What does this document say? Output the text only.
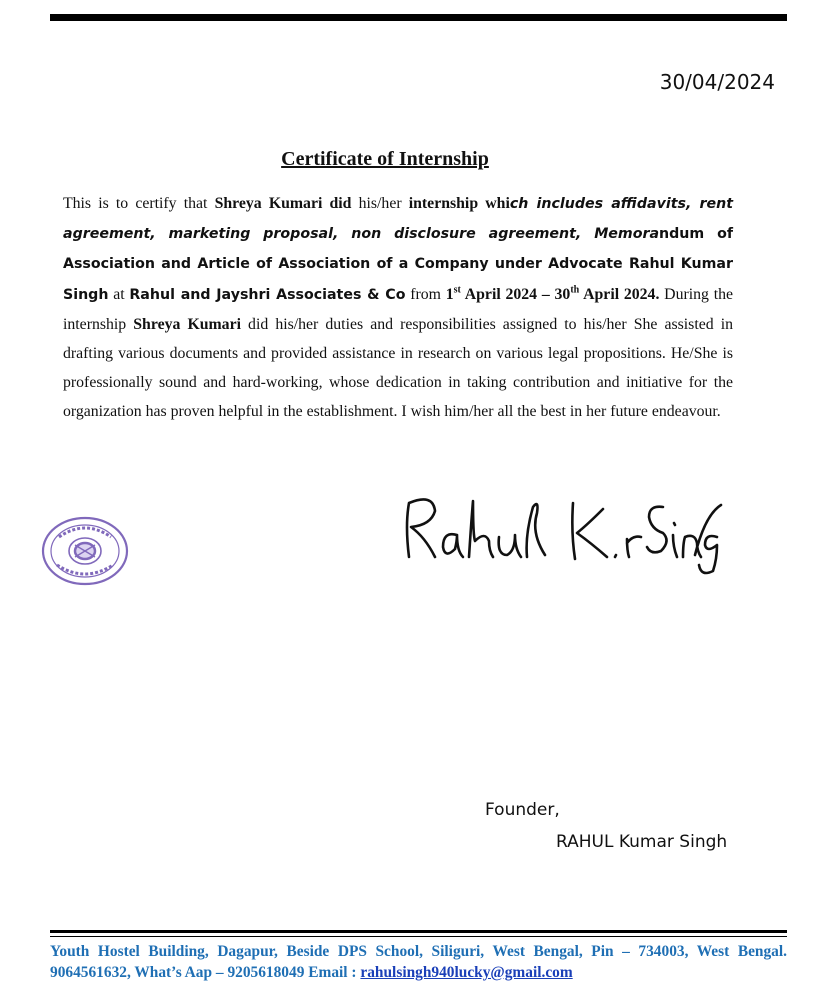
30/04/2024
Certificate of Internship
This is to certify that Shreya Kumari did his/her internship which includes affidavits, rent agreement, marketing proposal, non disclosure agreement, Memorandum of Association and Article of Association of a Company under Advocate Rahul Kumar Singh at Rahul and Jayshri Associates & Co from 1st April 2024 – 30th April 2024. During the internship Shreya Kumari did his/her duties and responsibilities assigned to his/her She assisted in drafting various documents and provided assistance in research on various legal propositions. He/She is professionally sound and hard-working, whose dedication in taking contribution and initiative for the organization has proven helpful in the establishment. I wish him/her all the best in her future endeavour.
Founder,
RAHUL Kumar Singh
Youth Hostel Building, Dagapur, Beside DPS School, Siliguri, West Bengal, Pin – 734003, West Bengal. 9064561632, What’s Aap – 9205618049 Email : rahulsingh940lucky@gmail.com
